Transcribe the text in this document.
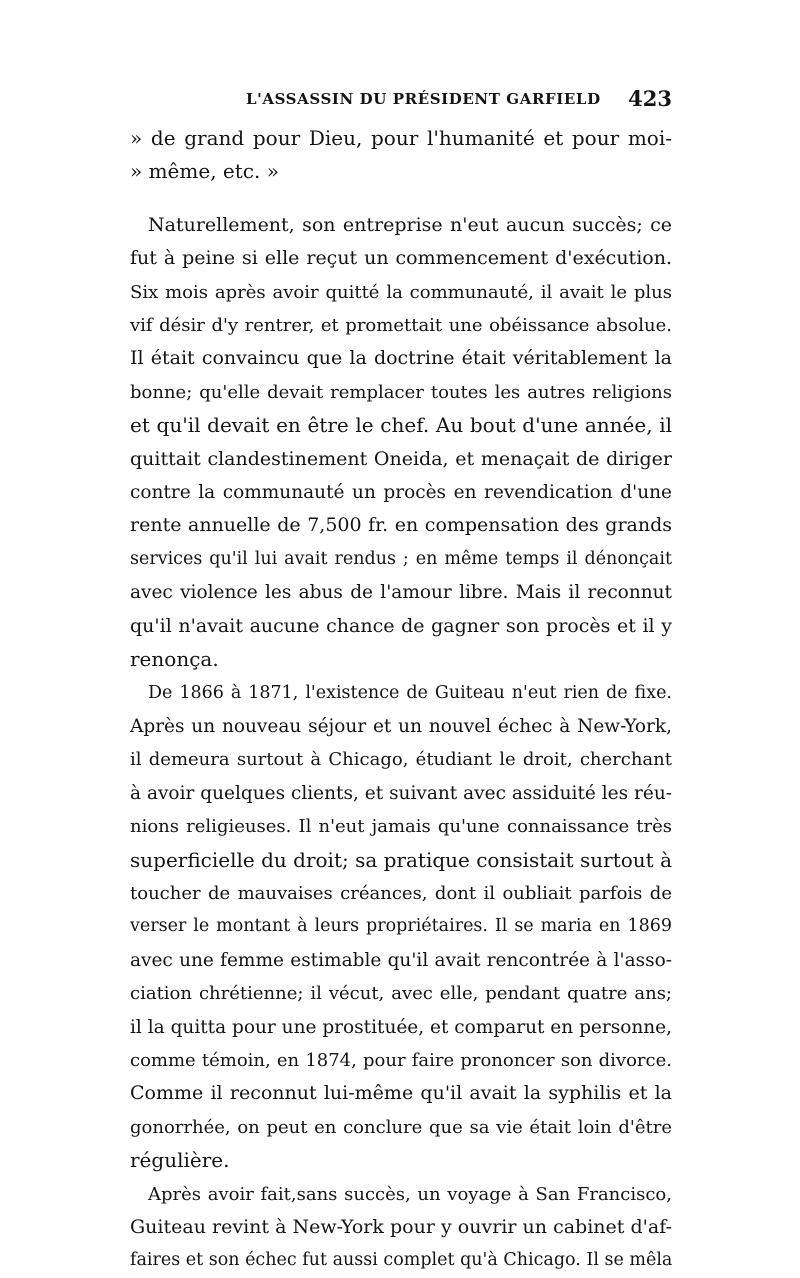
L'ASSASSIN DU PRÉSIDENT GARFIELD 423
» de grand pour Dieu, pour l'humanité et pour moi-
» même, etc. »
Naturellement, son entreprise n'eut aucun succès; ce
fut à peine si elle reçut un commencement d'exécution.
Six mois après avoir quitté la communauté, il avait le plus
vif désir d'y rentrer, et promettait une obéissance absolue.
Il était convaincu que la doctrine était véritablement la
bonne; qu'elle devait remplacer toutes les autres religions
et qu'il devait en être le chef. Au bout d'une année, il
quittait clandestinement Oneida, et menaçait de diriger
contre la communauté un procès en revendication d'une
rente annuelle de 7,500 fr. en compensation des grands
services qu'il lui avait rendus ; en même temps il dénonçait
avec violence les abus de l'amour libre. Mais il reconnut
qu'il n'avait aucune chance de gagner son procès et il y
renonça.
De 1866 à 1871, l'existence de Guiteau n'eut rien de fixe.
Après un nouveau séjour et un nouvel échec à New-York,
il demeura surtout à Chicago, étudiant le droit, cherchant
à avoir quelques clients, et suivant avec assiduité les réu-
nions religieuses. Il n'eut jamais qu'une connaissance très
superficielle du droit; sa pratique consistait surtout à
toucher de mauvaises créances, dont il oubliait parfois de
verser le montant à leurs propriétaires. Il se maria en 1869
avec une femme estimable qu'il avait rencontrée à l'asso-
ciation chrétienne; il vécut, avec elle, pendant quatre ans;
il la quitta pour une prostituée, et comparut en personne,
comme témoin, en 1874, pour faire prononcer son divorce.
Comme il reconnut lui-même qu'il avait la syphilis et la
gonorrhée, on peut en conclure que sa vie était loin d'être
régulière.
Après avoir fait,sans succès, un voyage à San Francisco,
Guiteau revint à New-York pour y ouvrir un cabinet d'af-
faires et son échec fut aussi complet qu'à Chicago. Il se mêla
